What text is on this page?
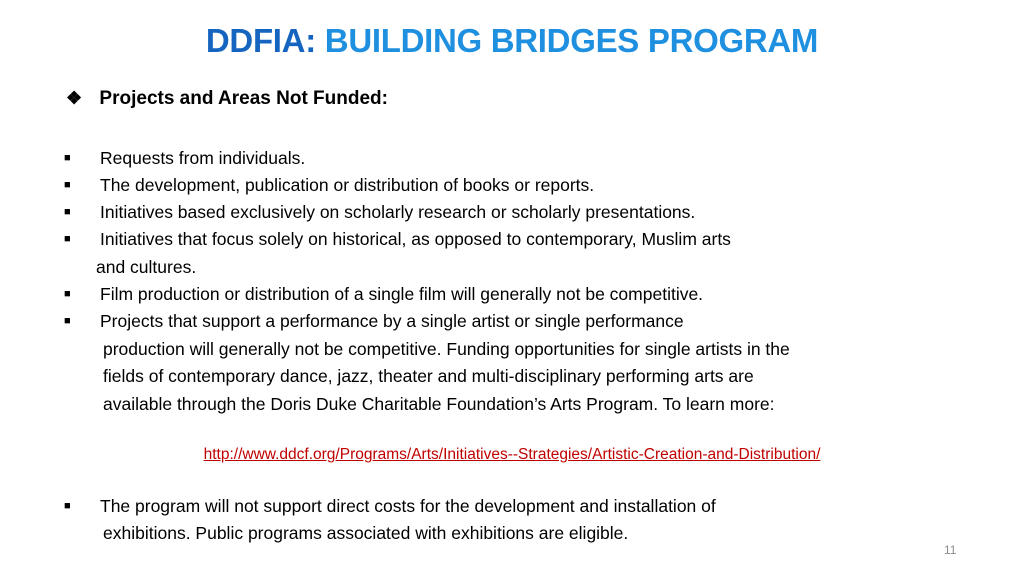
DDFIA: BUILDING BRIDGES PROGRAM
❖ Projects and Areas Not Funded:
■
■
■
■
■
■
■
Requests from individuals.
The development, publication or distribution of books or reports.
Initiatives based exclusively on scholarly research or scholarly presentations.
Initiatives that focus solely on historical, as opposed to contemporary, Muslim arts
and cultures.
Film production or distribution of a single film will generally not be competitive.
Projects that support a performance by a single artist or single performance
production will generally not be competitive. Funding opportunities for single artists in the
fields of contemporary dance, jazz, theater and multi-disciplinary performing arts are
available through the Doris Duke Charitable Foundation’s Arts Program. To learn more:
http://www.ddcf.org/Programs/Arts/Initiatives--Strategies/Artistic-Creation-and-Distribution/
The program will not support direct costs for the development and installation of
exhibitions. Public programs associated with exhibitions are eligible.
11
